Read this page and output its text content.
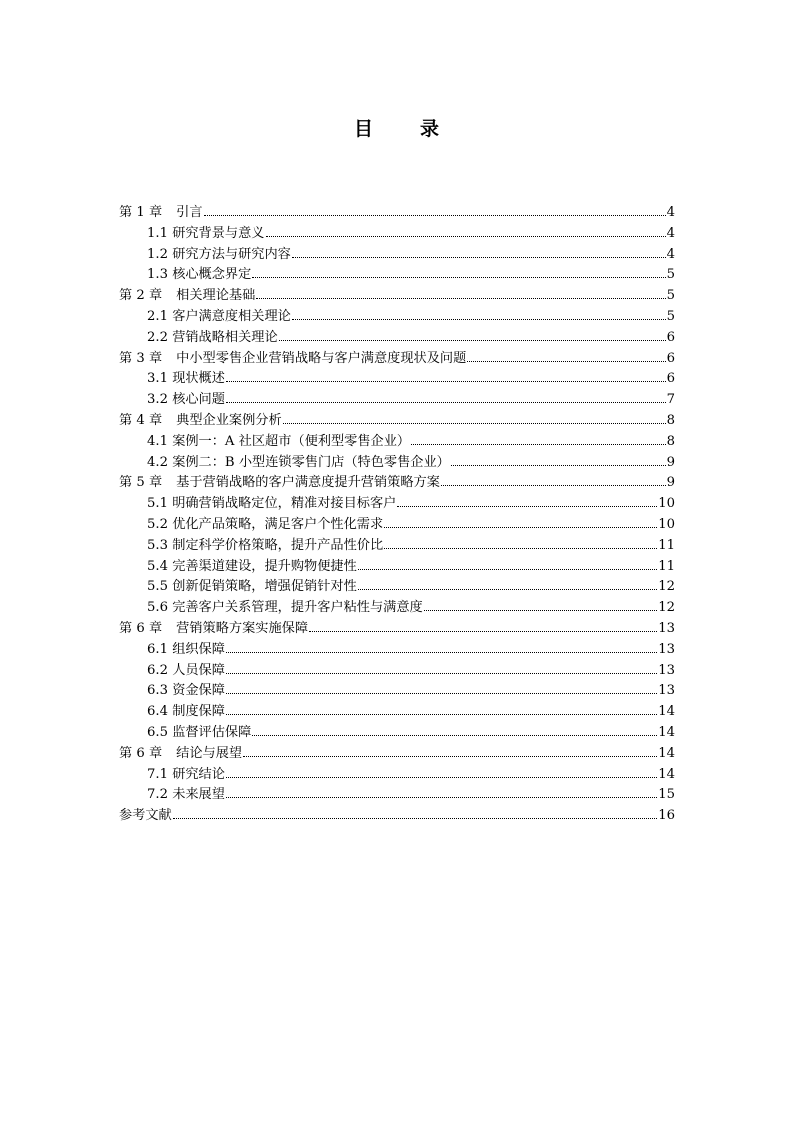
目　录
第 1 章 引言	4
1.1 研究背景与意义	4
1.2 研究方法与研究内容	4
1.3 核心概念界定	5
第 2 章 相关理论基础	5
2.1 客户满意度相关理论	5
2.2 营销战略相关理论	6
第 3 章 中小型零售企业营销战略与客户满意度现状及问题	6
3.1 现状概述	6
3.2 核心问题	7
第 4 章 典型企业案例分析	8
4.1 案例一：A 社区超市（便利型零售企业）	8
4.2 案例二：B 小型连锁零售门店（特色零售企业）	9
第 5 章 基于营销战略的客户满意度提升营销策略方案	9
5.1 明确营销战略定位，精准对接目标客户	10
5.2 优化产品策略，满足客户个性化需求	10
5.3 制定科学价格策略，提升产品性价比	11
5.4 完善渠道建设，提升购物便捷性	11
5.5 创新促销策略，增强促销针对性	12
5.6 完善客户关系管理，提升客户粘性与满意度	12
第 6 章 营销策略方案实施保障	13
6.1 组织保障	13
6.2 人员保障	13
6.3 资金保障	13
6.4 制度保障	14
6.5 监督评估保障	14
第 6 章 结论与展望	14
7.1 研究结论	14
7.2 未来展望	15
参考文献	16
